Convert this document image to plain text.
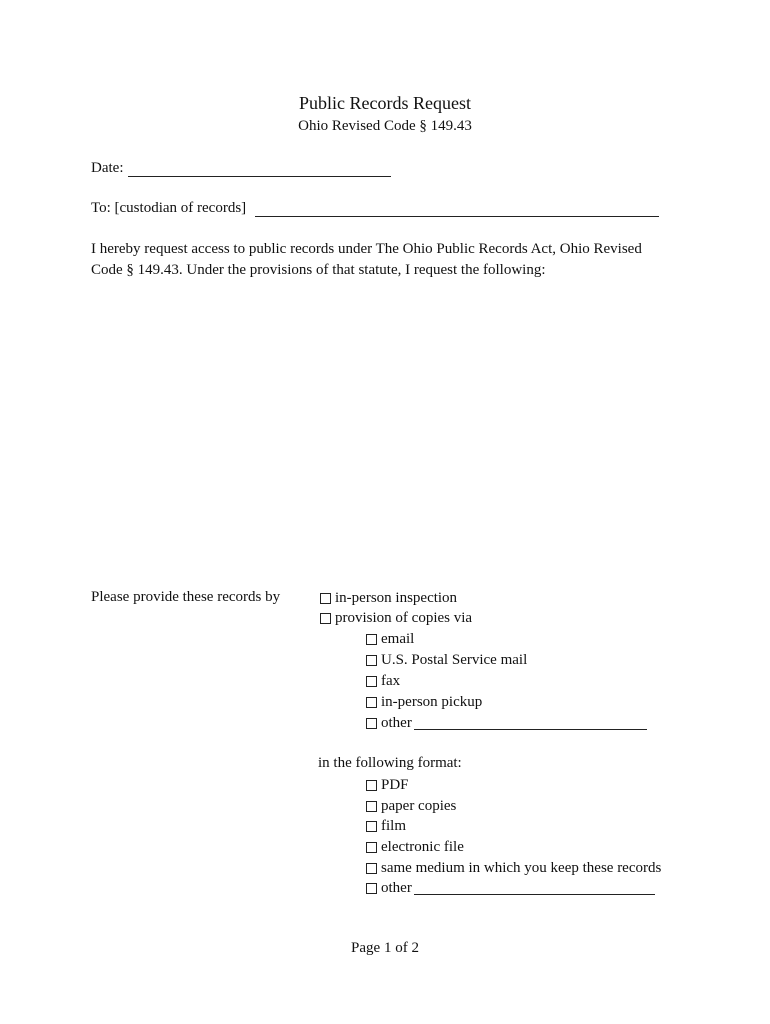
Public Records Request
Ohio Revised Code § 149.43
Date:
To: [custodian of records]
I hereby request access to public records under The Ohio Public Records Act, Ohio Revised Code § 149.43. Under the provisions of that statute, I request the following:
Please provide these records by	in-person inspection
provision of copies via
email
U.S. Postal Service mail
fax
in-person pickup
other
in the following format:
PDF
paper copies
film
electronic file
same medium in which you keep these records
other
Page 1 of 2
